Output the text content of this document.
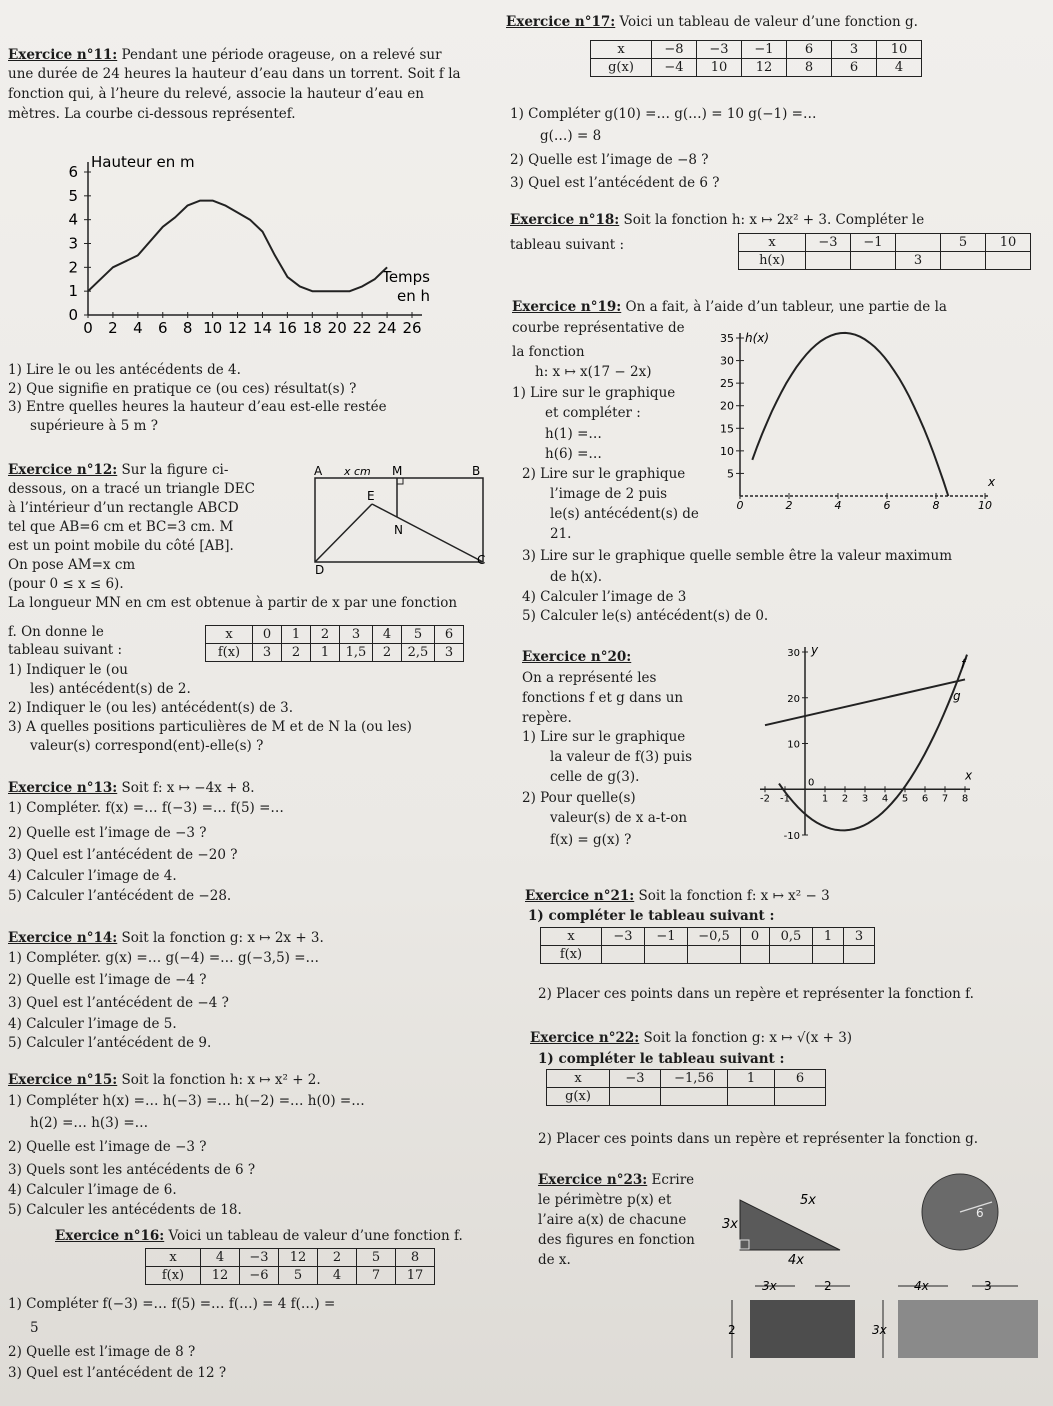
Exercice n°11: Pendant une période orageuse, on a relevé sur
une durée de 24 heures la hauteur d’eau dans un torrent. Soit f la
fonction qui, à l’heure du relevé, associe la hauteur d’eau en
mètres. La courbe ci-dessous représentef.
0 2 4 6 8 10 12 14 16 18 20 22 24 26
0
1
2
3
4
5
6
Hauteur en m
Temps
en h
1) Lire le ou les antécédents de 4.
2) Que signifie en pratique ce (ou ces) résultat(s) ?
3) Entre quelles heures la hauteur d’eau est-elle restée
supérieure à 5 m ?
Exercice n°12: Sur la figure ci-
dessous, on a tracé un triangle DEC
à l’intérieur d’un rectangle ABCD
tel que AB=6 cm et BC=3 cm. M
est un point mobile du côté [AB].
On pose AM=x cm
(pour 0 ≤ x ≤ 6).
La longueur MN en cm est obtenue à partir de x par une fonction
f. On donne le
tableau suivant :
A x cm M	B
E
N
D
C
x	0	1	2	3	4	5	6
f(x)	3	2	1	1,5	2	2,5	3
1) Indiquer le (ou
les) antécédent(s) de 2.
2) Indiquer le (ou les) antécédent(s) de 3.
3) A quelles positions particulières de M et de N la (ou les)
valeur(s) correspond(ent)-elle(s) ?
Exercice n°13: Soit f: x ↦ −4x + 8.
1) Compléter. f(x) =… f(−3) =… f(5) =…
2) Quelle est l’image de −3 ?
3) Quel est l’antécédent de −20 ?
4) Calculer l’image de 4.
5) Calculer l’antécédent de −28.
Exercice n°14: Soit la fonction g: x ↦ 2x + 3.
1) Compléter. g(x) =… g(−4) =… g(−3,5) =…
2) Quelle est l’image de −4 ?
3) Quel est l’antécédent de −4 ?
4) Calculer l’image de 5.
5) Calculer l’antécédent de 9.
Exercice n°15: Soit la fonction h: x ↦ x² + 2.
1) Compléter h(x) =… h(−3) =… h(−2) =… h(0) =…
h(2) =… h(3) =…
2) Quelle est l’image de −3 ?
3) Quels sont les antécédents de 6 ?
4) Calculer l’image de 6.
5) Calculer les antécédents de 18.
Exercice n°16: Voici un tableau de valeur d’une fonction f.
x	4	−3	12	2	5	8
f(x)	12	−6	5	4	7	17
1) Compléter f(−3) =… f(5) =… f(…) = 4 f(…) =
5
2) Quelle est l’image de 8 ?
3) Quel est l’antécédent de 12 ?
Exercice n°17: Voici un tableau de valeur d’une fonction g.
x	−8	−3	−1	6	3	10
g(x)	−4	10	12	8	6	4
1) Compléter g(10) =… g(…) = 10 g(−1) =…
g(…) = 8
2) Quelle est l’image de −8 ?
3) Quel est l’antécédent de 6 ?
Exercice n°18: Soit la fonction h: x ↦ 2x² + 3. Compléter le
tableau suivant :	x	−3	−1		5	10
h(x)			3		
Exercice n°19: On a fait, à l’aide d’un tableur, une partie de la
courbe représentative de
la fonction
h: x ↦ x(17 − 2x)
1) Lire sur le graphique
et compléter :
h(1) =…
h(6) =…
2) Lire sur le graphique
l’image de 2 puis
le(s) antécédent(s) de
21.
0	2	4	6	8	10
5
10
15
20
25
30
35 h(x)
x
3) Lire sur le graphique quelle semble être la valeur maximum
de h(x).
4) Calculer l’image de 3
5) Calculer le(s) antécédent(s) de 0.
Exercice n°20:
On a représenté les
fonctions f et g dans un
repère.
1) Lire sur le graphique
la valeur de f(3) puis
celle de g(3).
2) Pour quelle(s)
valeur(s) de x a-t-on
f(x) = g(x) ?
-2 -1	1 2 3 4 5 6 7 8
-10
10
20
30
0
y
x
f
g
Exercice n°21: Soit la fonction f: x ↦ x² − 3
1) compléter le tableau suivant :
x	−3	−1	−0,5	0	0,5	1	3
f(x)							
2) Placer ces points dans un repère et représenter la fonction f.
Exercice n°22: Soit la fonction g: x ↦ √(x + 3)
1) compléter le tableau suivant :
x	−3	−1,56	1	6
g(x)				
2) Placer ces points dans un repère et représenter la fonction g.
Exercice n°23: Ecrire
le périmètre p(x) et
l’aire a(x) de chacune
des figures en fonction
de x.
5x
3x
4x
6
3x	2
2
4x	3
3x
